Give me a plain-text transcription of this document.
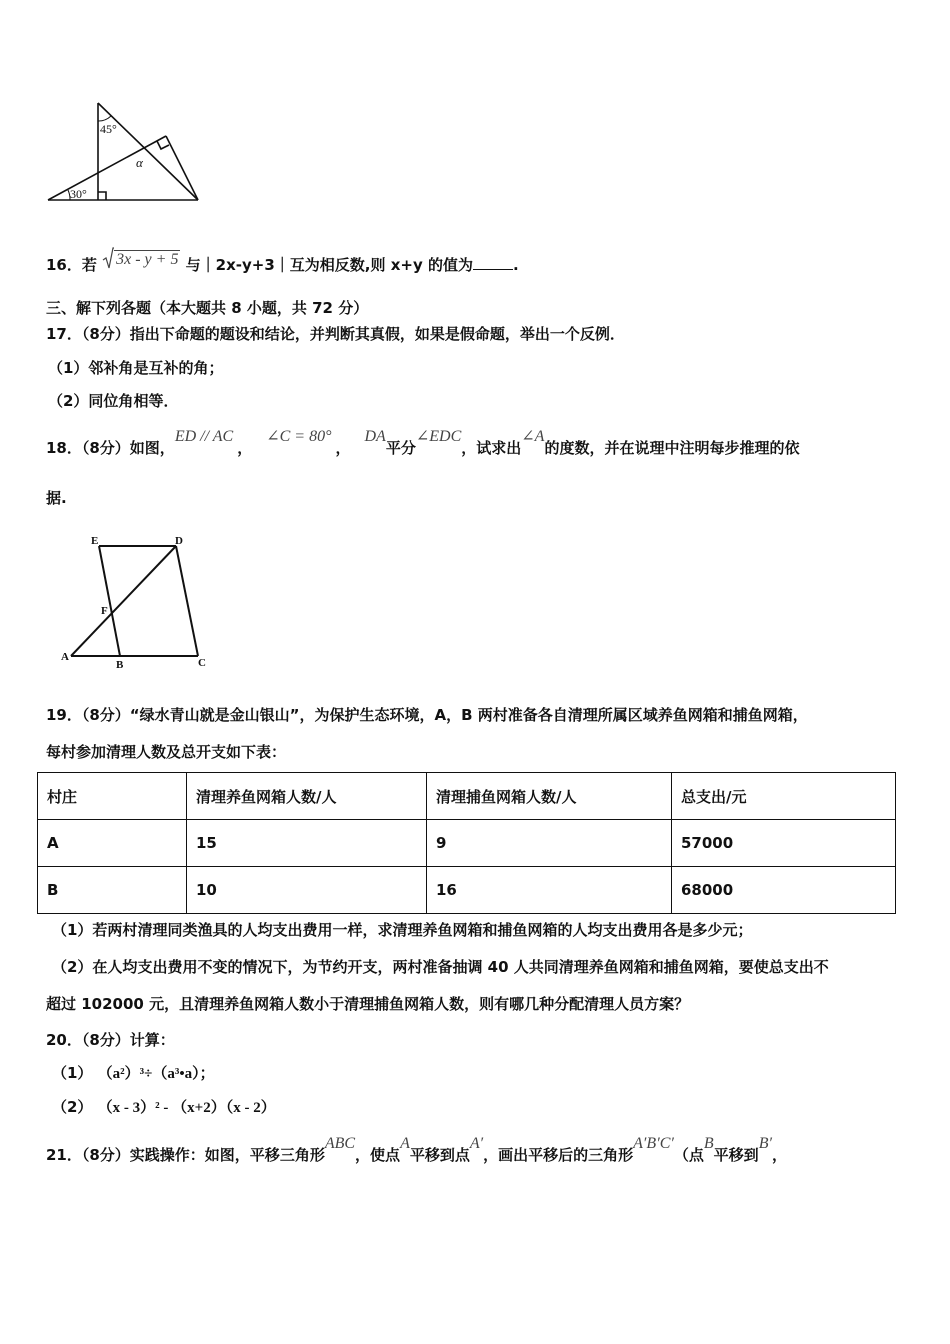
45°
α
30°
16．若 3x - y + 5 与｜2x-y+3｜互为相反数,则 x+y 的值为	.
三、解下列各题（本大题共 8 小题，共 72 分）
17．（8分）指出下命题的题设和结论，并判断其真假，如果是假命题，举出一个反例．
（1）邻补角是互补的角；
（2）同位角相等．
18．（8分）如图，ED // AC，∠C = 80°，DA平分∠EDC，试求出∠A的度数，并在说理中注明每步推理的依
据.
E	D
F
A
B	C
19．（8分）“绿水青山就是金山银山”，为保护生态环境，A，B 两村准备各自清理所属区域养鱼网箱和捕鱼网箱，
每村参加清理人数及总开支如下表：
村庄	清理养鱼网箱人数/人	清理捕鱼网箱人数/人	总支出/元
A	15	9	57000
B	10	16	68000
（1）若两村清理同类渔具的人均支出费用一样，求清理养鱼网箱和捕鱼网箱的人均支出费用各是多少元；
（2）在人均支出费用不变的情况下，为节约开支，两村准备抽调 40 人共同清理养鱼网箱和捕鱼网箱，要使总支出不
超过 102000 元，且清理养鱼网箱人数小于清理捕鱼网箱人数，则有哪几种分配清理人员方案？
20．（8分）计算：
（1） （a²）³÷（a³•a）；
（2） （x - 3）² - （x+2）（x - 2）
21．（8分）实践操作：如图，平移三角形ABC，使点A平移到点A′，画出平移后的三角形A′B′C′（点B平移到B′，
